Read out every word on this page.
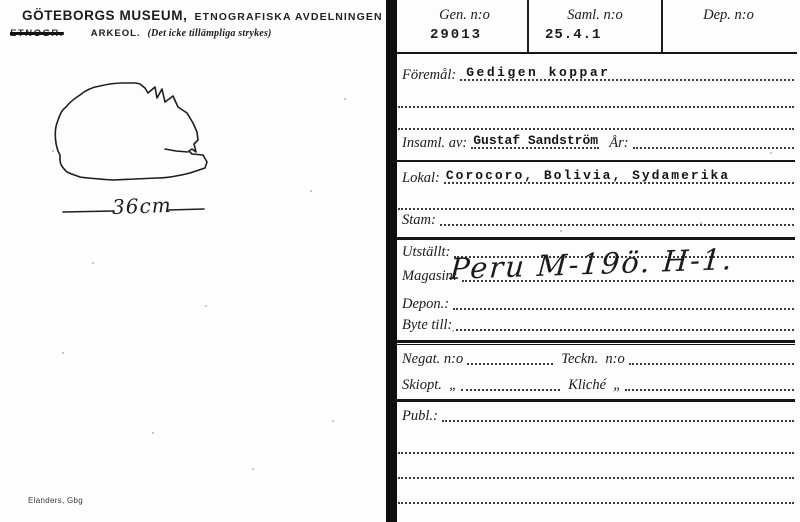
GÖTEBORGS MUSEUM, ETNOGRAFISKA AVDELNINGEN
ETNOGR.	ARKEOL. (Det icke tillämpliga strykes)
36cm
Elanders, Gbg
Gen. n:o
29013
Saml. n:o
25.4.1
Dep. n:o
Föremål: Gedigen koppar
Insaml. av: Gustaf Sandström År:
Lokal: Corocoro, Bolivia, Sydamerika
Stam:
Utställt:
Magasin:
Peru M-19ö. H-1.
Depon.:
Byte till:
Negat. n:o	Teckn.  n:o
Skiopt.  „	Kliché  „
Publ.:
